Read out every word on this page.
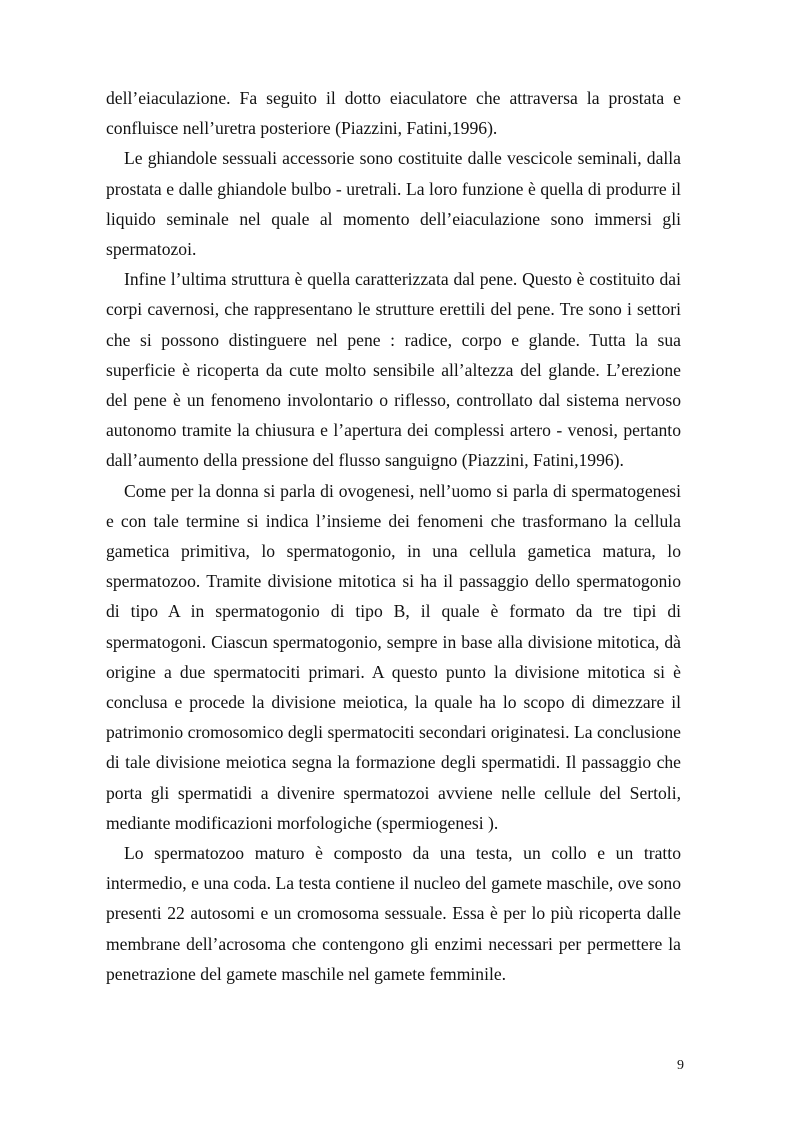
dell’eiaculazione. Fa seguito il dotto eiaculatore che attraversa la prostata e confluisce nell’uretra posteriore (Piazzini, Fatini,1996).

Le ghiandole sessuali accessorie sono costituite dalle vescicole seminali, dalla prostata e dalle ghiandole bulbo - uretrali. La loro funzione è quella di produrre il liquido seminale nel quale al momento dell’eiaculazione sono immersi gli spermatozoi.

Infine l’ultima struttura è quella caratterizzata dal pene. Questo è costituito dai corpi cavernosi, che rappresentano le strutture erettili del pene. Tre sono i settori che si possono distinguere nel pene : radice, corpo e glande. Tutta la sua superficie è ricoperta da cute molto sensibile all’altezza del glande. L’erezione del pene è un fenomeno involontario o riflesso, controllato dal sistema nervoso autonomo tramite la chiusura e l’apertura dei complessi artero - venosi, pertanto dall’aumento della pressione del flusso sanguigno (Piazzini, Fatini,1996).

Come per la donna si parla di ovogenesi, nell’uomo si parla di spermatogenesi e con tale termine si indica l’insieme dei fenomeni che trasformano la cellula gametica primitiva, lo spermatogonio, in una cellula gametica matura, lo spermatozoo. Tramite divisione mitotica si ha il passaggio dello spermatogonio di tipo A in spermatogonio di tipo B, il quale è formato da tre tipi di spermatogoni. Ciascun spermatogonio, sempre in base alla divisione mitotica, dà origine a due spermatociti primari. A questo punto la divisione mitotica si è conclusa e procede la divisione meiotica, la quale ha lo scopo di dimezzare il patrimonio cromosomico degli spermatociti secondari originatesi. La conclusione di tale divisione meiotica segna la formazione degli spermatidi. Il passaggio che porta gli spermatidi a divenire spermatozoi avviene nelle cellule del Sertoli, mediante modificazioni morfologiche (spermiogenesi ).

Lo spermatozoo maturo è composto da una testa, un collo e un tratto intermedio, e una coda. La testa contiene il nucleo del gamete maschile, ove sono presenti 22 autosomi e un cromosoma sessuale. Essa è per lo più ricoperta dalle membrane dell’acrosoma che contengono gli enzimi necessari per permettere la penetrazione del gamete maschile nel gamete femminile.

9
